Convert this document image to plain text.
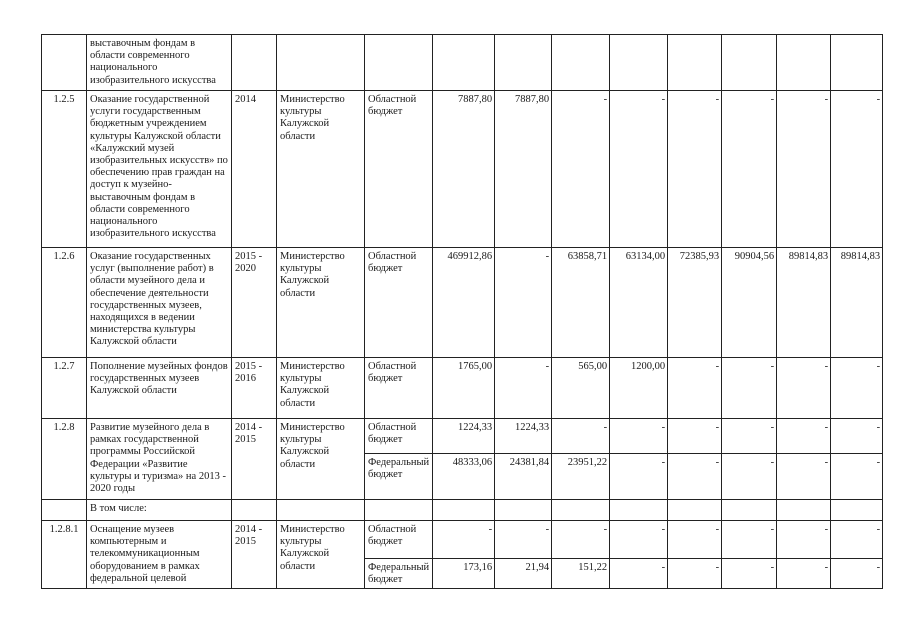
	выставочным фондам в области современного национального изобразительного искусства											
1.2.5	Оказание государственной услуги государственным бюджетным учреждением культуры Калужской области «Калужский музей изобразительных искусств» по обеспечению прав граждан на доступ к музейно-выставочным фондам в области современного национального изобразительного искусства	2014	Министерство культуры Калужской области	Областной бюджет	7887,80	7887,80	-	-	-	-	-	-
1.2.6	Оказание государственных услуг (выполнение работ) в области музейного дела и обеспечение деятельности государственных музеев, находящихся в ведении министерства культуры Калужской области	2015 - 2020	Министерство культуры Калужской области	Областной бюджет	469912,86	-	63858,71	63134,00	72385,93	90904,56	89814,83	89814,83
1.2.7	Пополнение музейных фондов государственных музеев Калужской области	2015 - 2016	Министерство культуры Калужской области	Областной бюджет	1765,00	-	565,00	1200,00	-	-	-	-
1.2.8	Развитие музейного дела в рамках государственной программы Российской Федерации «Развитие культуры и туризма» на 2013 - 2020 годы	2014 - 2015	Министерство культуры Калужской области	Областной бюджет	1224,33	1224,33	-	-	-	-	-	-
				Федеральный бюджет	48333,06	24381,84	23951,22	-	-	-	-	-
	В том числе:											
1.2.8.1	Оснащение музеев компьютерным и телекоммуникационным оборудованием в рамках федеральной целевой	2014 - 2015	Министерство культуры Калужской области	Областной бюджет	-	-	-	-	-	-	-	-
				Федеральный бюджет	173,16	21,94	151,22	-	-	-	-	-
